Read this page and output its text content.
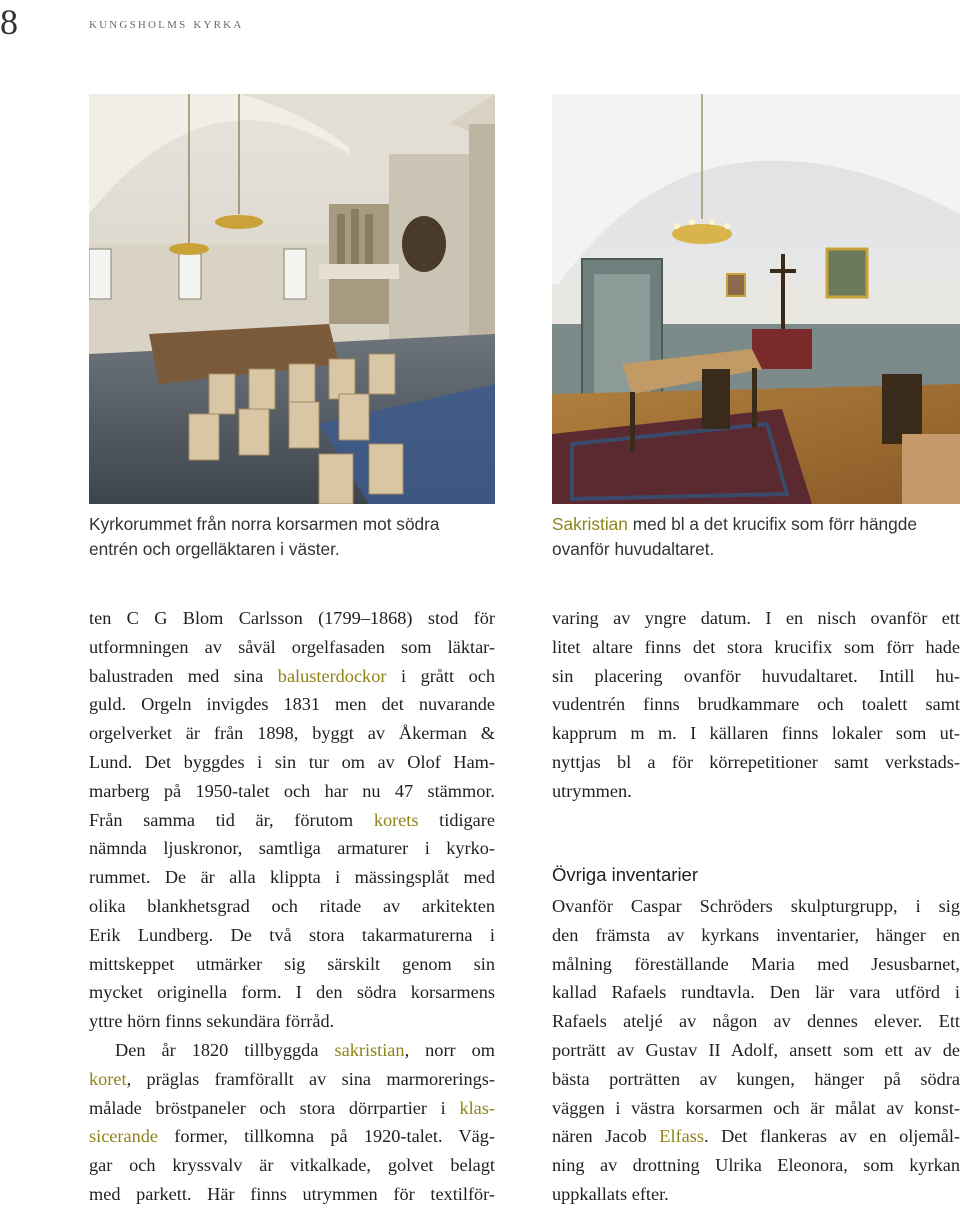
8	kungsholms kyrka
Kyrkorummet från norra korsarmen mot södra
entrén och orgelläktaren i väster.
Sakristian med bl a det krucifix som förr hängde
ovanför huvudaltaret.
ten C G Blom Carlsson (1799–1868) stod för
utformningen av såväl orgelfasaden som läktar-
balustraden med sina balusterdockor i grått och
guld. Orgeln invigdes 1831 men det nuvarande
orgelverket är från 1898, byggt av Åkerman &
Lund. Det byggdes i sin tur om av Olof Ham-
marberg på 1950-talet och har nu 47 stämmor.
Från samma tid är, förutom korets tidigare
nämnda ljuskronor, samtliga armaturer i kyrko-
rummet. De är alla klippta i mässingsplåt med
olika blankhetsgrad och ritade av arkitekten
Erik Lundberg. De två stora takarmaturerna i
mittskeppet utmärker sig särskilt genom sin
mycket originella form. I den södra korsarmens
yttre hörn finns sekundära förråd.
Den år 1820 tillbyggda sakristian, norr om
koret, präglas framförallt av sina marmorerings-
målade bröstpaneler och stora dörrpartier i klas-
sicerande former, tillkomna på 1920-talet. Väg-
gar och kryssvalv är vitkalkade, golvet belagt
med parkett. Här finns utrymmen för textilför-
varing av yngre datum. I en nisch ovanför ett
litet altare finns det stora krucifix som förr hade
sin placering ovanför huvudaltaret. Intill hu-
vudentrén finns brudkammare och toalett samt
kapprum m m. I källaren finns lokaler som ut-
nyttjas bl a för körrepetitioner samt verkstads-
utrymmen.
Övriga inventarier
Ovanför Caspar Schröders skulpturgrupp, i sig
den främsta av kyrkans inventarier, hänger en
målning föreställande Maria med Jesusbarnet,
kallad Rafaels rundtavla. Den lär vara utförd i
Rafaels ateljé av någon av dennes elever. Ett
porträtt av Gustav II Adolf, ansett som ett av de
bästa porträtten av kungen, hänger på södra
väggen i västra korsarmen och är målat av konst-
nären Jacob Elfass. Det flankeras av en oljemål-
ning av drottning Ulrika Eleonora, som kyrkan
uppkallats efter.
